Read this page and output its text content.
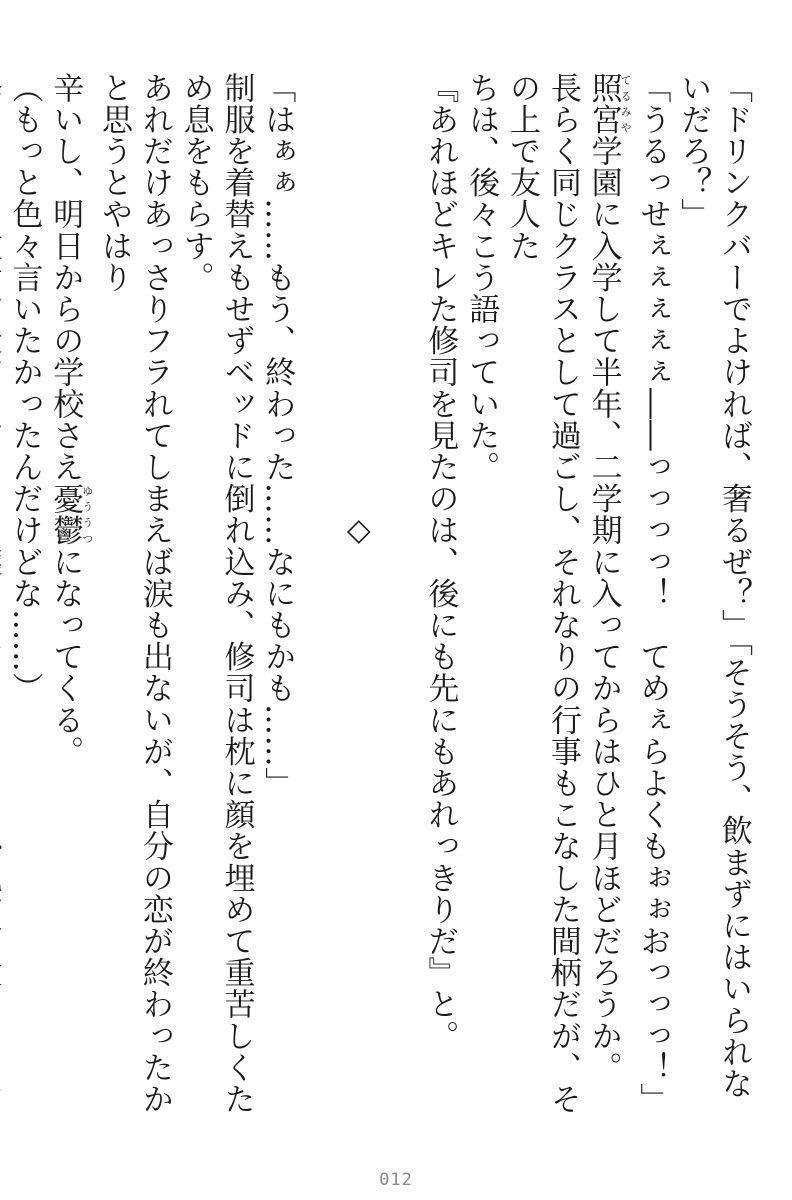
「ドリンクバーでよければ、奢るぜ？」「そうそう、飲まずにはいられないだろ？」
「うるっせぇぇぇぇぇ――っっっっ！　てめぇらよくもぉぉおっっっ！」
照宮てるみや学園に入学して半年、二学期に入ってからはひと月ほどだろうか。
長らく同じクラスとして過ごし、それなりの行事もこなした間柄だが、その上で友人た
ちは、後々こう語っていた。
『あれほどキレた修司を見たのは、後にも先にもあれっきりだ』と。

◇

「はぁぁ……もう、終わった……なにもかも……」
制服を着替えもせずベッドに倒れ込み、修司は枕に顔を埋めて重苦しくため息をもらす。
あれだけあっさりフラれてしまえば涙も出ないが、自分の恋が終わったかと思うとやはり
辛いし、明日からの学校さえ憂鬱ゆううつになってくる。
（もっと色々言いたかったんだけどな……）
012
